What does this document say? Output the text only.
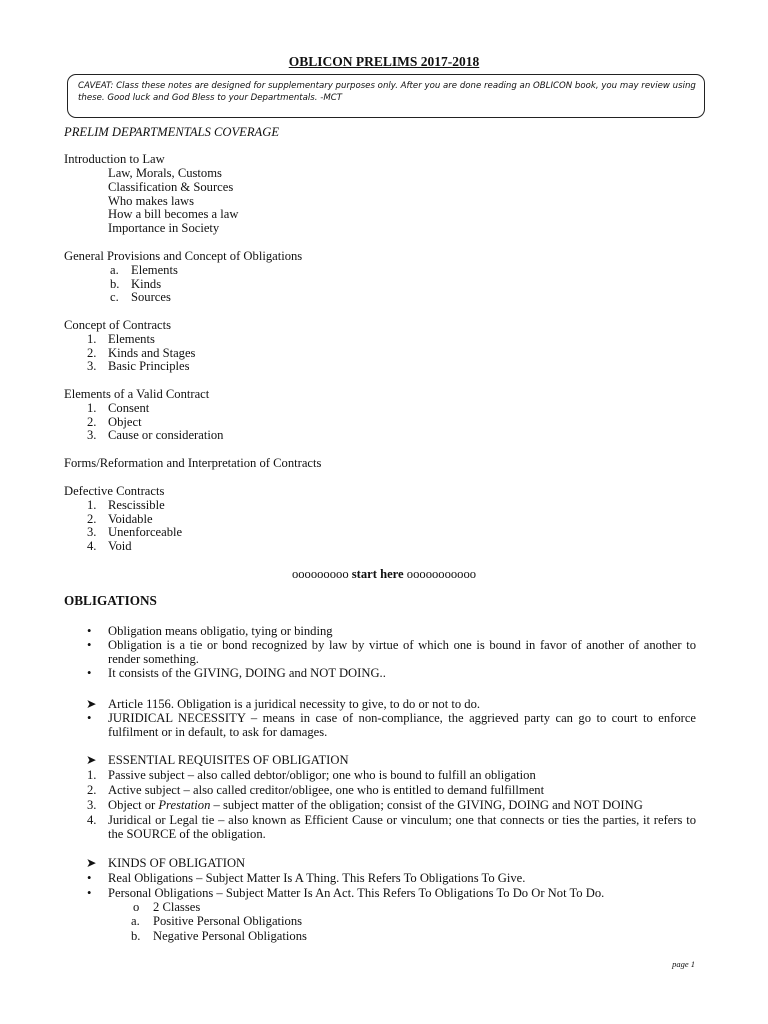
OBLICON PRELIMS 2017-2018
CAVEAT: Class these notes are designed for supplementary purposes only. After you are done reading an OBLICON book, you may review using these. Good luck and God Bless to your Departmentals. -MCT
PRELIM DEPARTMENTALS COVERAGE
Introduction to Law
Law, Morals, Customs
Classification & Sources
Who makes laws
How a bill becomes a law
Importance in Society
General Provisions and Concept of Obligations
a. Elements
b. Kinds
c. Sources
Concept of Contracts
1. Elements
2. Kinds and Stages
3. Basic Principles
Elements of a Valid Contract
1. Consent
2. Object
3. Cause or consideration
Forms/Reformation and Interpretation of Contracts
Defective Contracts
1. Rescissible
2. Voidable
3. Unenforceable
4. Void
ooooooooo start here ooooooooooo
OBLIGATIONS
• Obligation means obligatio, tying or binding
• Obligation is a tie or bond recognized by law by virtue of which one is bound in favor of another of another to render something.
• It consists of the GIVING, DOING and NOT DOING..
➤ Article 1156. Obligation is a juridical necessity to give, to do or not to do.
• JURIDICAL NECESSITY – means in case of non-compliance, the aggrieved party can go to court to enforce fulfilment or in default, to ask for damages.
➤ ESSENTIAL REQUISITES OF OBLIGATION
1. Passive subject – also called debtor/obligor; one who is bound to fulfill an obligation
2. Active subject – also called creditor/obligee, one who is entitled to demand fulfillment
3. Object or Prestation – subject matter of the obligation; consist of the GIVING, DOING and NOT DOING
4. Juridical or Legal tie – also known as Efficient Cause or vinculum; one that connects or ties the parties, it refers to the SOURCE of the obligation.
➤ KINDS OF OBLIGATION
• Real Obligations – Subject Matter Is A Thing. This Refers To Obligations To Give.
• Personal Obligations – Subject Matter Is An Act. This Refers To Obligations To Do Or Not To Do.
o 2 Classes
a. Positive Personal Obligations
b. Negative Personal Obligations
page 1
